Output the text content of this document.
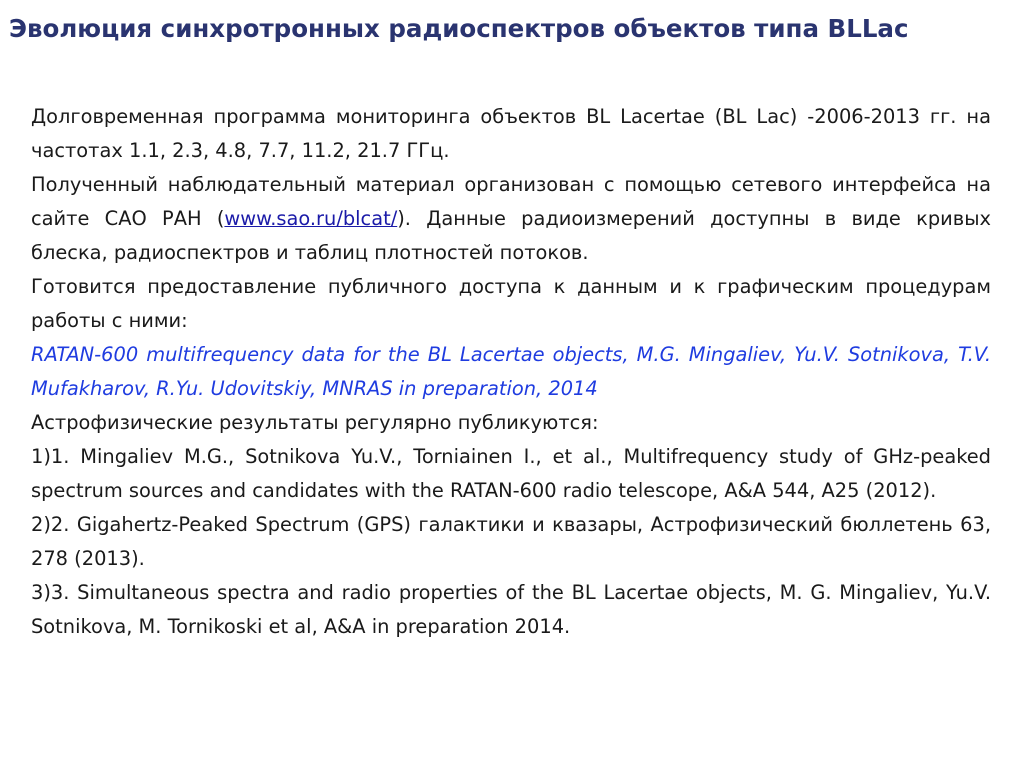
Эволюция синхротронных радиоспектров объектов типа BLLac

Долговременная программа мониторинга объектов BL Lacertae (BL Lac) -2006-2013 гг. на частотах 1.1, 2.3, 4.8, 7.7, 11.2, 21.7 ГГц.

Полученный наблюдательный материал организован с помощью сетевого интерфейса на сайте САО РАН (www.sao.ru/blcat/). Данные радиоизмерений доступны в виде кривых блеска, радиоспектров и таблиц плотностей потоков.

Готовится предоставление публичного доступа к данным и к графическим процедурам работы с ними:

RATAN-600 multifrequency data for the BL Lacertae objects, M.G. Mingaliev, Yu.V. Sotnikova, T.V. Mufakharov, R.Yu. Udovitskiy, MNRAS in preparation, 2014

Астрофизические результаты регулярно публикуются:

1)1. Mingaliev M.G., Sotnikova Yu.V., Torniainen I., et al., Multifrequency study of GHz-peaked spectrum sources and candidates with the RATAN-600 radio telescope, A&A 544, A25 (2012).

2)2. Gigahertz-Peaked Spectrum (GPS) галактики и квазары, Астрофизический бюллетень 63, 278 (2013).

3)3. Simultaneous spectra and radio properties of the BL Lacertae objects, M. G. Mingaliev, Yu.V. Sotnikova, M. Tornikoski et al, A&A in preparation 2014.
